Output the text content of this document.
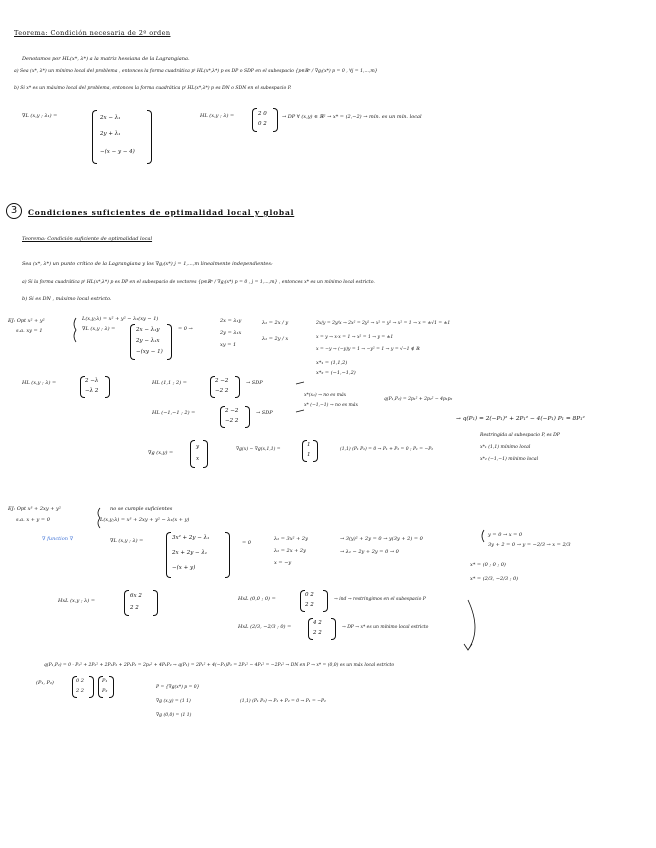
Teorema: Condición necesaria de 2º orden
Denotamos por HL(x*, λ*) a la matriz hessiana de la Lagrangiana.
a) Sea (x*, λ*) un mínimo local del problema , entonces la forma cuadrática pᵗ HL(x*,λ*) p es DP o SDP en el subespacio {p∈ℝⁿ / ∇gⱼ(x*) p = 0 , ∀j = 1,...,m}
b) Si x* es un máximo local del problema, entonces la forma cuadrática pᵗ HL(x*,λ*) p es DN o SDN en el subespacio P.
∇L (x,y ; λ₁) =	2x − λ₁
2y + λ₁
−(x − y − 4)
HL (x,y ; λ) =	2 0
0 2
→ DP ∀ (x,y) ∈ ℝ² → x* = (2,−2) → mín. es un mín. local
3	Condiciones suficientes de optimalidad local y global
Teorema: Condición suficiente de optimalidad local
Sea (x*, λ*) un punto crítico de la Lagrangiana y los ∇gⱼ(x*) j = 1,...,m linealmente independientes:
a) Si la forma cuadrática pᵗ HL(x*,λ*) p es DP en el subespacio de vectores {p∈ℝⁿ / ∇gⱼ(x*) p = 0 , j = 1,...,m} , entonces x* es un mínimo local estricto.
b) Si es DN , máximo local estricto.
EJ: Opt x² + y²
s.a. xy = 1
L(x,y;λ) = x² + y² − λ₁(xy − 1)
∇L (x,y ; λ) =	2x − λ₁y
2y − λ₁x
−(xy − 1)
= 0 →
2x = λ₁y
2y = λ₁x
xy = 1
λ₁ = 2x / y
λ₁ = 2y / x
2x/y = 2y/x → 2x² = 2y² → x² = y² → x² = 1 → x = ±√1 = ±1
x = y → x·x = 1 → x² = 1 → y = ±1
x = −y → (−y)y = 1 → −y² = 1 → y = √−1 ∉ ℝ
x*₁ = (1,1,2)
x*₂ = (−1,−1,2)
HL (x,y ; λ) =	2 −λ
−λ 2
HL (1,1 ; 2) =	2 −2
−2 2
→ SDP
HL (−1,−1 ; 2) =	2 −2
−2 2
→ SDP
x*(x₁) → no es máx
x* (−1,−1) → no es máx
q(P₁,P₂) = 2p₁² + 2p₂² − 4p₁p₂
→ q(P₁) = 2(−P₁)² + 2P₁² − 4(−P₁) P₁ = 8P₁²
Restringida al subespacio P, es DP
x*₁ (1,1) mínimo local
x*₂ (−1,−1) mínimo local
∇g (x,y) =
y
x
∇g(x) − ∇g(x,1,1) =
1
1
(1,1) (P₁ P₂) = 0 → P₁ + P₂ = 0 ; P₁ = −P₂
EJ: Opt x³ + 2xy + y²
s.a. x + y = 0
no se cumple suficientes
L(x,y;λ) = x³ + 2xy + y² − λ₁(x + y)
∇ function ∇	∇L (x,y ; λ) =	3x² + 2y − λ₁
2x + 2y − λ₁
−(x + y)
= 0
λ₁ = 3x² + 2y
λ₁ = 2x + 2y
x = −y
→ 3(y)² + 2y = 0 → y(3y + 2) = 0
→ λ₁ − 2y + 2y = 0 → 0
y = 0 → x = 0
3y + 2 = 0 → y = −2/3 → x = 2/3
x* = (0 ; 0 ; 0)
x* = (2/3, −2/3 ; 0)
HxL (x,y ; λ) =
6x 2
2 2
HxL (0,0 ; 0) =
0 2
2 2
→ ind → restringimos en el subespacio P
HxL (2/3, −2/3 ; 0) =
4 2
2 2
→ DP → x* es un mínimo local estricto
q(P₁,P₂) = 0 · P₁² + 2P₂² + 2P₁P₂ + 2P₁P₂ = 2p₂² + 4P₁P₂ → q(P₁) = 2P₁² + 4(−P₁)P₁ = 2P₁² − 4P₁² = −2P₁² → DN en P → x* = (0,0) es un máx local estricto
(P₁, P₂)	0 2
2 2
P₁
P₂
P = {∇g(x*) p = 0}
∇g (x,y) = (1 1)
∇g (0,0) = (1 1)
(1,1) (P₁ P₂) → P₁ + P₂ = 0 → P₁ = −P₂
